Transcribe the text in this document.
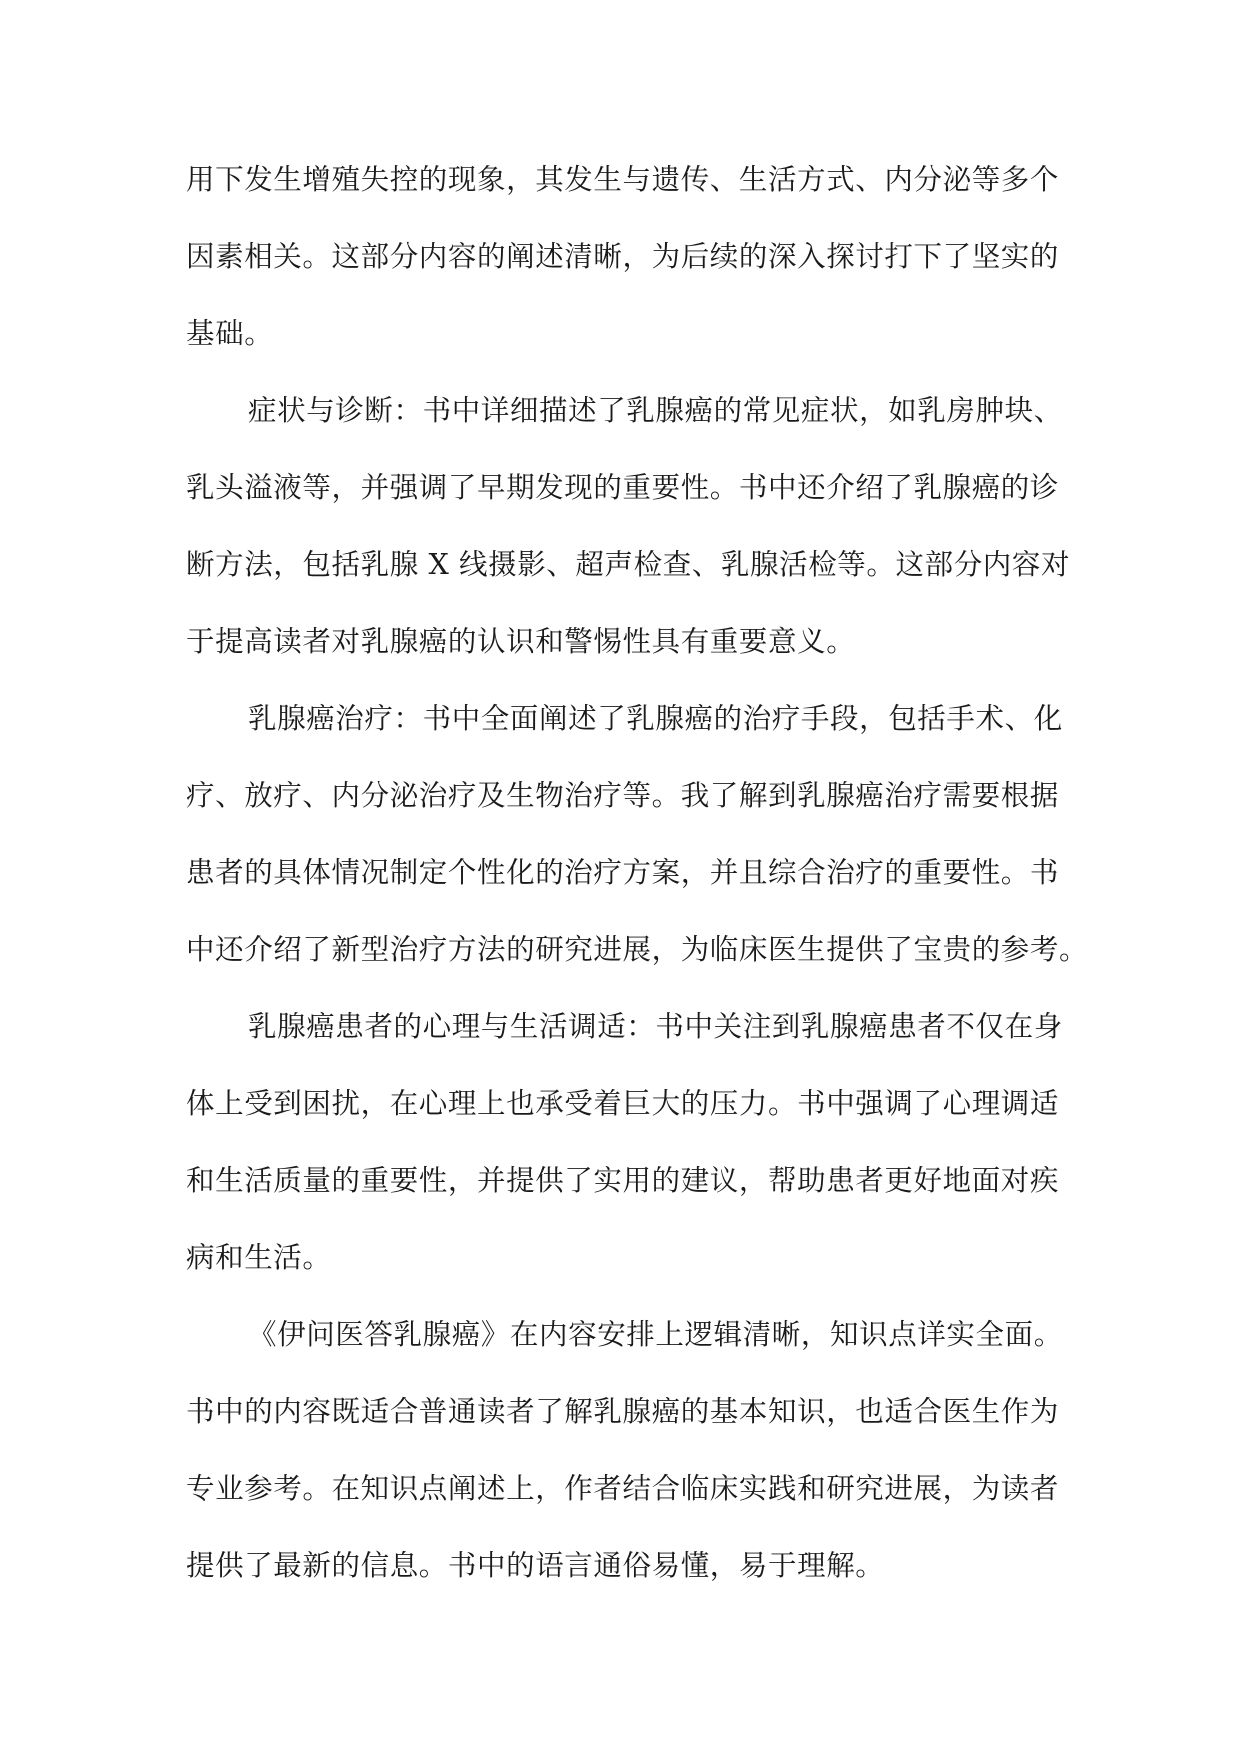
用下发生增殖失控的现象，其发生与遗传、生活方式、内分泌等多个
因素相关。这部分内容的阐述清晰，为后续的深入探讨打下了坚实的
基础。
症状与诊断：书中详细描述了乳腺癌的常见症状，如乳房肿块、
乳头溢液等，并强调了早期发现的重要性。书中还介绍了乳腺癌的诊
断方法，包括乳腺 X 线摄影、超声检查、乳腺活检等。这部分内容对
于提高读者对乳腺癌的认识和警惕性具有重要意义。
乳腺癌治疗：书中全面阐述了乳腺癌的治疗手段，包括手术、化
疗、放疗、内分泌治疗及生物治疗等。我了解到乳腺癌治疗需要根据
患者的具体情况制定个性化的治疗方案，并且综合治疗的重要性。书
中还介绍了新型治疗方法的研究进展，为临床医生提供了宝贵的参考。
乳腺癌患者的心理与生活调适：书中关注到乳腺癌患者不仅在身
体上受到困扰，在心理上也承受着巨大的压力。书中强调了心理调适
和生活质量的重要性，并提供了实用的建议，帮助患者更好地面对疾
病和生活。
《伊问医答乳腺癌》在内容安排上逻辑清晰，知识点详实全面。
书中的内容既适合普通读者了解乳腺癌的基本知识，也适合医生作为
专业参考。在知识点阐述上，作者结合临床实践和研究进展，为读者
提供了最新的信息。书中的语言通俗易懂，易于理解。
